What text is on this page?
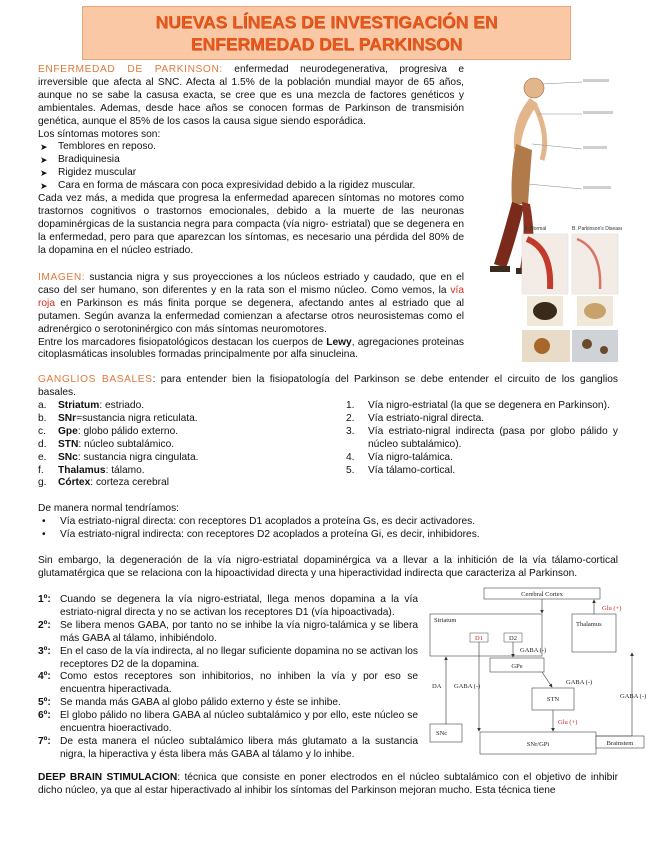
NUEVAS LÍNEAS DE INVESTIGACIÓN EN
ENFERMEDAD DEL PARKINSON
ENFERMEDAD DE PARKINSON: enfermedad neurodegenerativa, progresiva e irreversible que afecta al SNC. Afecta al 1.5% de la población mundial mayor de 65 años, aunque no se sabe la casusa exacta, se cree que es una mezcla de factores genéticos y ambientales. Ademas, desde hace años se conocen formas de Parkinson de transmisión genética, aunque el 85% de los casos la causa sigue siendo esporádica.
Los síntomas motores son:
➤ Temblores en reposo.
➤ Bradiquinesia
➤ Rigidez muscular
➤ Cara en forma de máscara con poca expresividad debido a la rigidez muscular.
Cada vez más, a medida que progresa la enfermedad aparecen síntomas no motores como trastornos cognitivos o trastornos emocionales, debido a la muerte de las neuronas dopaminérgicas de la sustancia negra para compacta (vía nigro- estriatal) que se degenera en la enfermedad, pero para que aparezcan los síntomas, es necesario una pérdida del 80% de la dopamina en el núcleo estriado.
A. Normal	B. Parkinson's Disease
IMAGEN: sustancia nigra y sus proyecciones a los núcleos estriado y caudado, que en el caso del ser humano, son diferentes y en la rata son el mismo núcleo. Como vemos, la vía roja en Parkinson es más finita porque se degenera, afectando antes al estriado que al putamen. Según avanza la enfermedad comienzan a afectarse otros neurosistemas como el adrenérgico o serotoninérgico con más síntomas neuromotores.
Entre los marcadores fisiopatológicos destacan los cuerpos de Lewy, agregaciones proteinas citoplasmáticas insolubles formadas principalmente por alfa sinucleina.
GANGLIOS BASALES: para entender bien la fisiopatología del Parkinson se debe entender el circuito de los ganglios basales.
a. Striatum: estriado.
b. SNr=sustancia nigra reticulata.
c. Gpe: globo pálido externo.
d. STN: núcleo subtalámico.
e. SNc: sustancia nigra cingulata.
f. Thalamus: tálamo.
g. Córtex: corteza cerebral
1.	Vía nigro-estriatal (la que se degenera en Parkinson).
2.	Vía estriato-nigral directa.
3.	Vía estriato-nigral indirecta (pasa por globo pálido y núcleo subtalámico).
4.	Vía nigro-talámica.
5.	Vía tálamo-cortical.
De manera normal tendríamos:
• Vía estriato-nigral directa: con receptores D1 acoplados a proteína Gs, es decir activadores.
• Vía estriato-nigral indirecta: con receptores D2 acoplados a proteína Gi, es decir, inhibidores.
Sin embargo, la degeneración de la vía nigro-estriatal dopaminérgica va a llevar a la inhitición de la vía tálamo-cortical glutamatérgica que se relaciona con la hipoactividad directa y una hiperactividad indirecta que caracteriza al Parkinson.
1º: Cuando se degenera la vía nigro-estriatal, llega menos dopamina a la vía estriato-nigral directa y no se activan los receptores D1 (vía hipoactivada).
2º: Se libera menos GABA, por tanto no se inhibe la vía nigro-talámica y se libera más GABA al tálamo, inhibiéndolo.
3º: En el caso de la vía indirecta, al no llegar suficiente dopamina no se activan los receptores D2 de la dopamina.
4º: Como estos receptores son inhibitorios, no inhiben la vía y por eso se encuentra hiperactivada.
5º: Se manda más GABA al globo pálido externo y éste se inhibe.
6º: El globo pálido no libera GABA al núcleo subtalámico y por ello, este núcleo se encuentra hioeractivado.
7º: De esta manera el núcleo subtalámico libera más glutamato a la sustancia nigra, la hiperactiva y ésta libera más GABA al tálamo y lo inhibe.
Cerebral Cortex
Striatum
D1	D2
Thalamus
GPe
STN
SNc
SNr/GPi	Brainstem
Glu (+)
GABA (-)
GABA (-)
GABA (-)
DA
Glu (+)
GABA (-)
DEEP BRAIN STIMULACION: técnica que consiste en poner electrodos en el núcleo subtalámico con el objetivo de inhibir dicho núcleo, ya que al estar hiperactivado al inhibir los síntomas del Parkinson mejoran mucho. Esta técnica tiene
